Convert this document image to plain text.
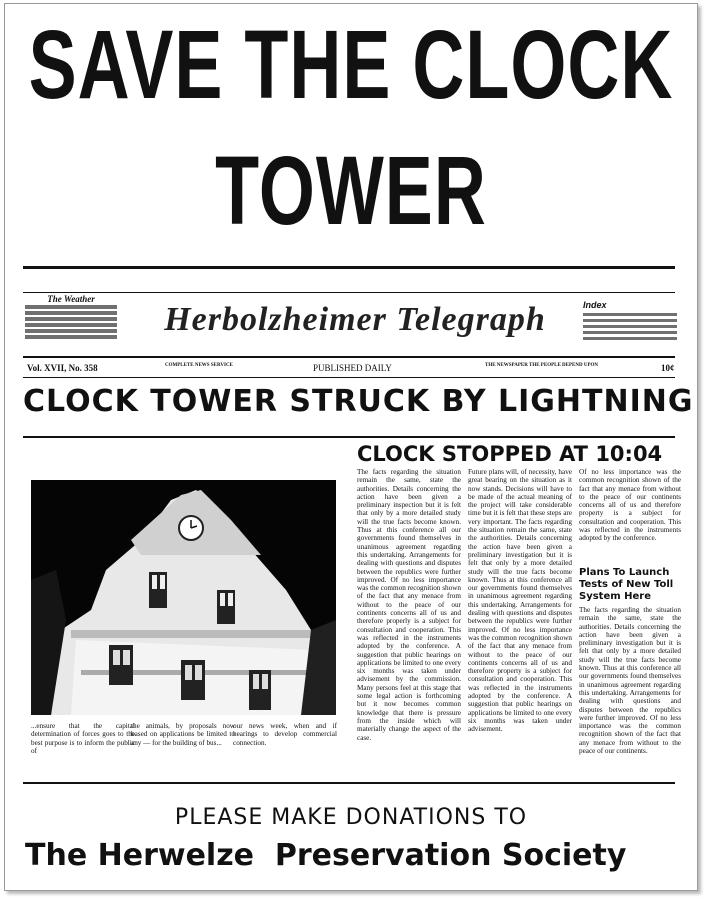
SAVE THE CLOCK
TOWER
The Weather
Herbolzheimer Telegraph	Index
Vol. XVII, No. 358	COMPLETE NEWS SERVICE	PUBLISHED DAILY	THE NEWSPAPER THE PEOPLE DEPEND UPON	10¢
CLOCK TOWER STRUCK BY LIGHTNING
CLOCK STOPPED AT 10:04
The facts regarding the situation remain the same, state the authorities. Details concerning the action have been given a preliminary inspection but it is felt that only by a more detailed study will the true facts become known. Thus at this conference all our governments found themselves in unanimous agreement regarding this undertaking. Arrangements for dealing with questions and disputes between the republics were further improved. Of no less importance was the common recognition shown of the fact that any menace from without to the peace of our continents concerns all of us and therefore properly is a subject for consultation and cooperation. This was reflected in the instruments adopted by the conference. A suggestion that public hearings on applications be limited to one every six months was taken under advisement by the commission. Many persons feel at this stage that some legal action is forthcoming but it now becomes common knowledge that there is pressure from the inside which will materially change the aspect of the case.
Future plans will, of necessity, have great bearing on the situation as it now stands. Decisions will have to be made of the actual meaning of the project will take considerable time but it is felt that these steps are very important. The facts regarding the situation remain the same, state the authorities. Details concerning the action have been given a preliminary investigation but it is felt that only by a more detailed study will the true facts become known. Thus at this conference all our governments found themselves in unanimous agreement regarding this undertaking. Arrangements for dealing with questions and disputes between the republics were further improved. Of no less importance was the common recognition shown of the fact that any menace from without to the peace of our continents concerns all of us and therefore property is a subject for consultation and cooperation. This was reflected in the instruments adopted by the conference. A suggestion that public hearings on applications be limited to one every six months was taken under advisement.
Of no less importance was the common recognition shown of the fact that any menace from without to the peace of our continents concerns all of us and therefore property is a subject for consultation and cooperation. This was reflected in the instruments adopted by the conference.
Plans To Launch Tests of New Toll System Here
The facts regarding the situation remain the same, state the authorities. Details concerning the action have been given a preliminary investigation but it is felt that only by a more detailed study will the true facts become known. Thus at this conference all our governments found themselves in unanimous agreement regarding this undertaking. Arrangements for dealing with questions and disputes between the republics were further improved. Of no less importance was the common recognition shown of the fact that any menace from without to the peace of our continents.
...ensure that the capital determination of forces goes to the best purpose is to inform the public of
the animals, by proposals now based on applications be limited to any — for the building of bus...
our news week, when and if hearings to develop commercial connection.
PLEASE MAKE DONATIONS TO
The Herwelze  Preservation Society
